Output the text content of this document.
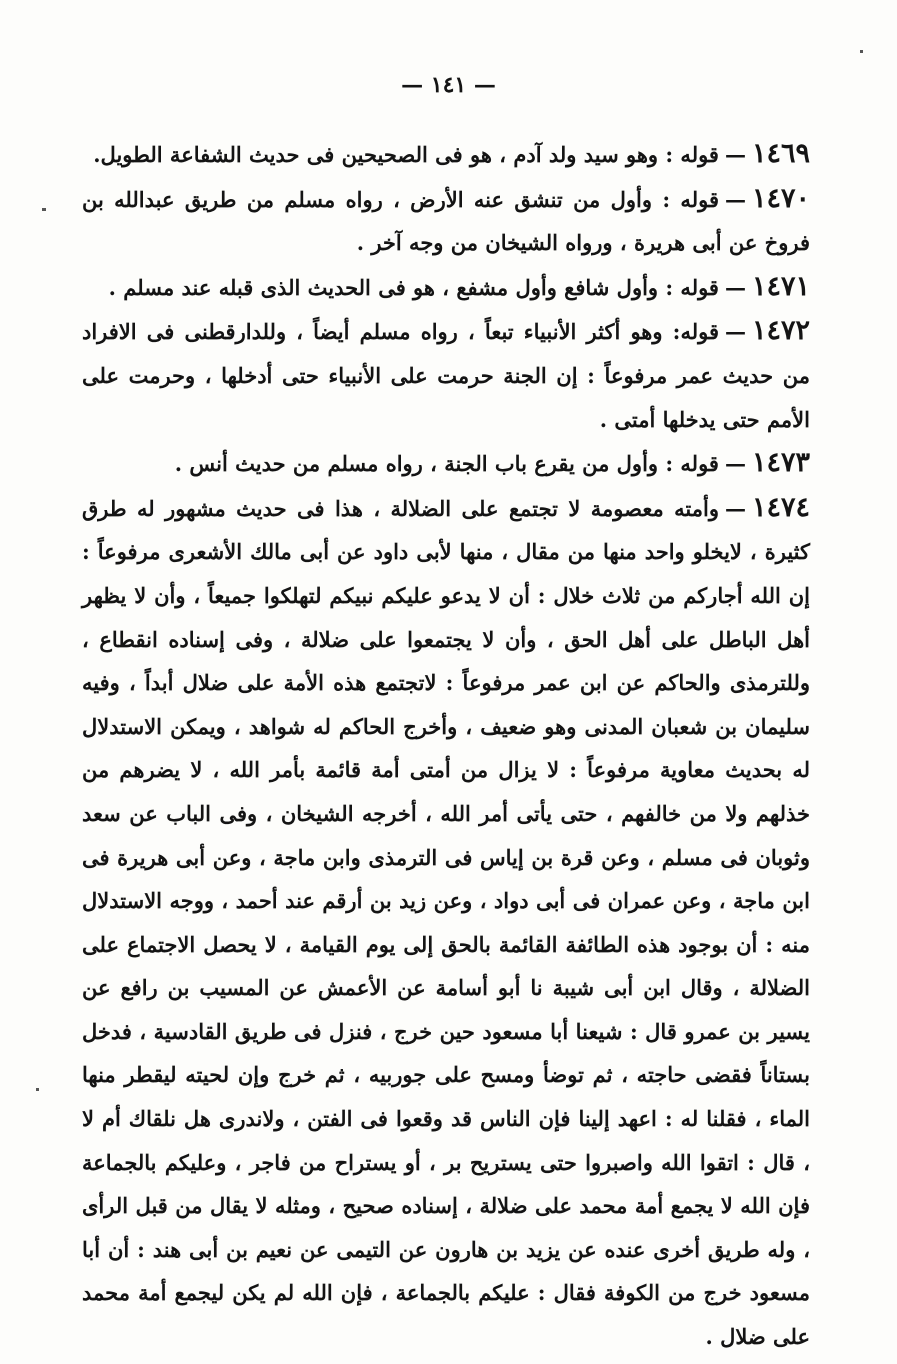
— ١٤١ —

١٤٦٩—قوله : وهو سيد ولد آدم ، هو فى الصحيحين فى حديث الشفاعة الطويل.

١٤٧٠—قوله : وأول من تنشق عنه الأرض ، رواه مسلم من طريق عبدالله بن فروخ عن أبى هريرة ، ورواه الشيخان من وجه آخر .

١٤٧١—قوله : وأول شافع وأول مشفع ، هو فى الحديث الذى قبله عند مسلم .

١٤٧٢—قوله: وهو أكثر الأنبياء تبعاً ، رواه مسلم أيضاً ، وللدارقطنى فى الافراد من حديث عمر مرفوعاً : إن الجنة حرمت على الأنبياء حتى أدخلها ، وحرمت على الأمم حتى يدخلها أمتى .

١٤٧٣—قوله : وأول من يقرع باب الجنة ، رواه مسلم من حديث أنس .

١٤٧٤—وأمته معصومة لا تجتمع على الضلالة ، هذا فى حديث مشهور له طرق كثيرة ، لايخلو واحد منها من مقال ، منها لأبى داود عن أبى مالك الأشعرى مرفوعاً : إن الله أجاركم من ثلاث خلال : أن لا يدعو عليكم نبيكم لتهلكوا جميعاً ، وأن لا يظهر أهل الباطل على أهل الحق ، وأن لا يجتمعوا على ضلالة ، وفى إسناده انقطاع ، وللترمذى والحاكم عن ابن عمر مرفوعاً : لاتجتمع هذه الأمة على ضلال أبداً ، وفيه سليمان بن شعبان المدنى وهو ضعيف ، وأخرج الحاكم له شواهد ، ويمكن الاستدلال له بحديث معاوية مرفوعاً : لا يزال من أمتى أمة قائمة بأمر الله ، لا يضرهم من خذلهم ولا من خالفهم ، حتى يأتى أمر الله ، أخرجه الشيخان ، وفى الباب عن سعد وثوبان فى مسلم ، وعن قرة بن إياس فى الترمذى وابن ماجة ، وعن أبى هريرة فى ابن ماجة ، وعن عمران فى أبى دواد ، وعن زيد بن أرقم عند أحمد ، ووجه الاستدلال منه : أن بوجود هذه الطائفة القائمة بالحق إلى يوم القيامة ، لا يحصل الاجتماع على الضلالة ، وقال ابن أبى شيبة نا أبو أسامة عن الأعمش عن المسيب بن رافع عن يسير بن عمرو قال : شيعنا أبا مسعود حين خرج ، فنزل فى طريق القادسية ، فدخل بستاناً فقضى حاجته ، ثم توضأ ومسح على جوربيه ، ثم خرج وإن لحيته ليقطر منها الماء ، فقلنا له : اعهد إلينا فإن الناس قد وقعوا فى الفتن ، ولاندرى هل نلقاك أم لا ، قال : اتقوا الله واصبروا حتى يستريح بر ، أو يستراح من فاجر ، وعليكم بالجماعة فإن الله لا يجمع أمة محمد على ضلالة ، إسناده صحيح ، ومثله لا يقال من قبل الرأى ، وله طريق أخرى عنده عن يزيد بن هارون عن التيمى عن نعيم بن أبى هند : أن أبا مسعود خرج من الكوفة فقال : عليكم بالجماعة ، فإن الله لم يكن ليجمع أمة محمد على ضلال .
